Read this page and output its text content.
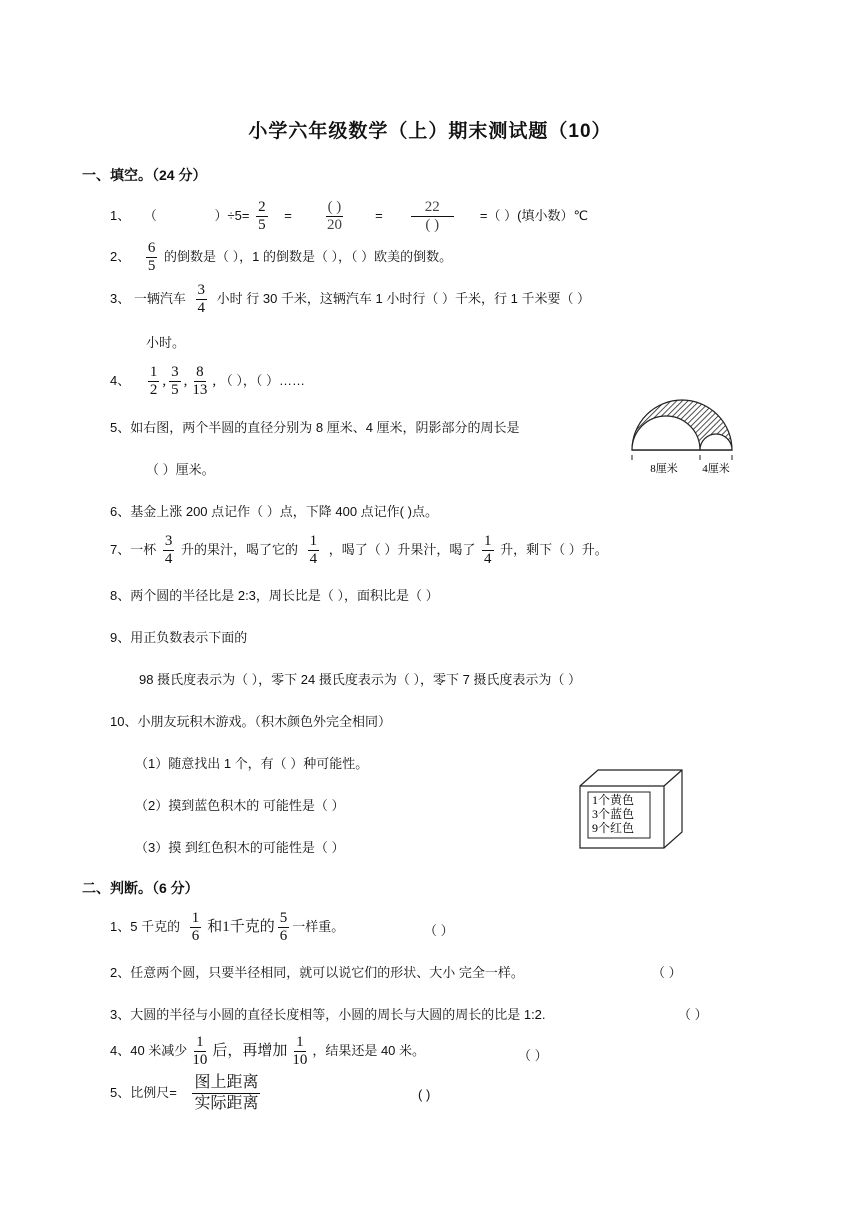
小学六年级数学（上）期末测试题（10）
一、填空。（24 分）
1、 （	）$\div 5= \frac{2}{5} = \frac{( )}{20} = \frac{22}{( )}$ =（ ）(填小数）℃
2、 $\frac{6}{5}$ 的倒数是（ ），1 的倒数是（ ），（ ）欧美的倒数。
3、 一辆汽车 $\frac{3}{4}$ 小时 行 30 千米，这辆汽车 1 小时行（ ）千米，行 1 千米要（ ）
小时。
4、 $\frac{1}{2}$ , $\frac{3}{5}$ , $\frac{8}{13}$ , （ ），（ ）……
5、如右图，两个半圆的直径分别为 8 厘米、4 厘米，阴影部分的周长是
（ ）厘米。	8厘米 4厘米
6、基金上涨 200 点记作（ ）点，下降 400 点记作( )点。
7、一杯 $\frac{3}{4}$ 升的果汁，喝了它的 $\frac{1}{4}$ ，喝了（ ）升果汁，喝了 $\frac{1}{4}$ 升，剩下（ ）升。
8、两个圆的半径比是 2:3，周长比是（ ），面积比是（ ）
9、用正负数表示下面的
98 摄氏度表示为（ ），零下 24 摄氏度表示为（ ），零下 7 摄氏度表示为（ ）
10、小朋友玩积木游戏。（积木颜色外完全相同）
（1）随意找出 1 个，有（ ）种可能性。
（2）摸到蓝色积木的 可能性是（ ）
（3）摸 到红色积木的可能性是（ ）
1个黄色
3个蓝色
9个红色
二、判断。（6 分）
1、5 千克的 $\frac{1}{6}$ 和1千克的 $\frac{5}{6}$ 一样重。	（ ）
2、任意两个圆，只要半径相同，就可以说它们的形状、大小 完全一样。	（ ）
3、大圆的半径与小圆的直径长度相等，小圆的周长与大圆的周长的比是 1:2.	（ ）
4、40 米减少 $\frac{1}{10}$ 后，再增加 $\frac{1}{10}$ ，结果还是 40 米。	（ ）
5、比例尺= $\frac{\text{图上距离}}{\text{实际距离}}$	( )
